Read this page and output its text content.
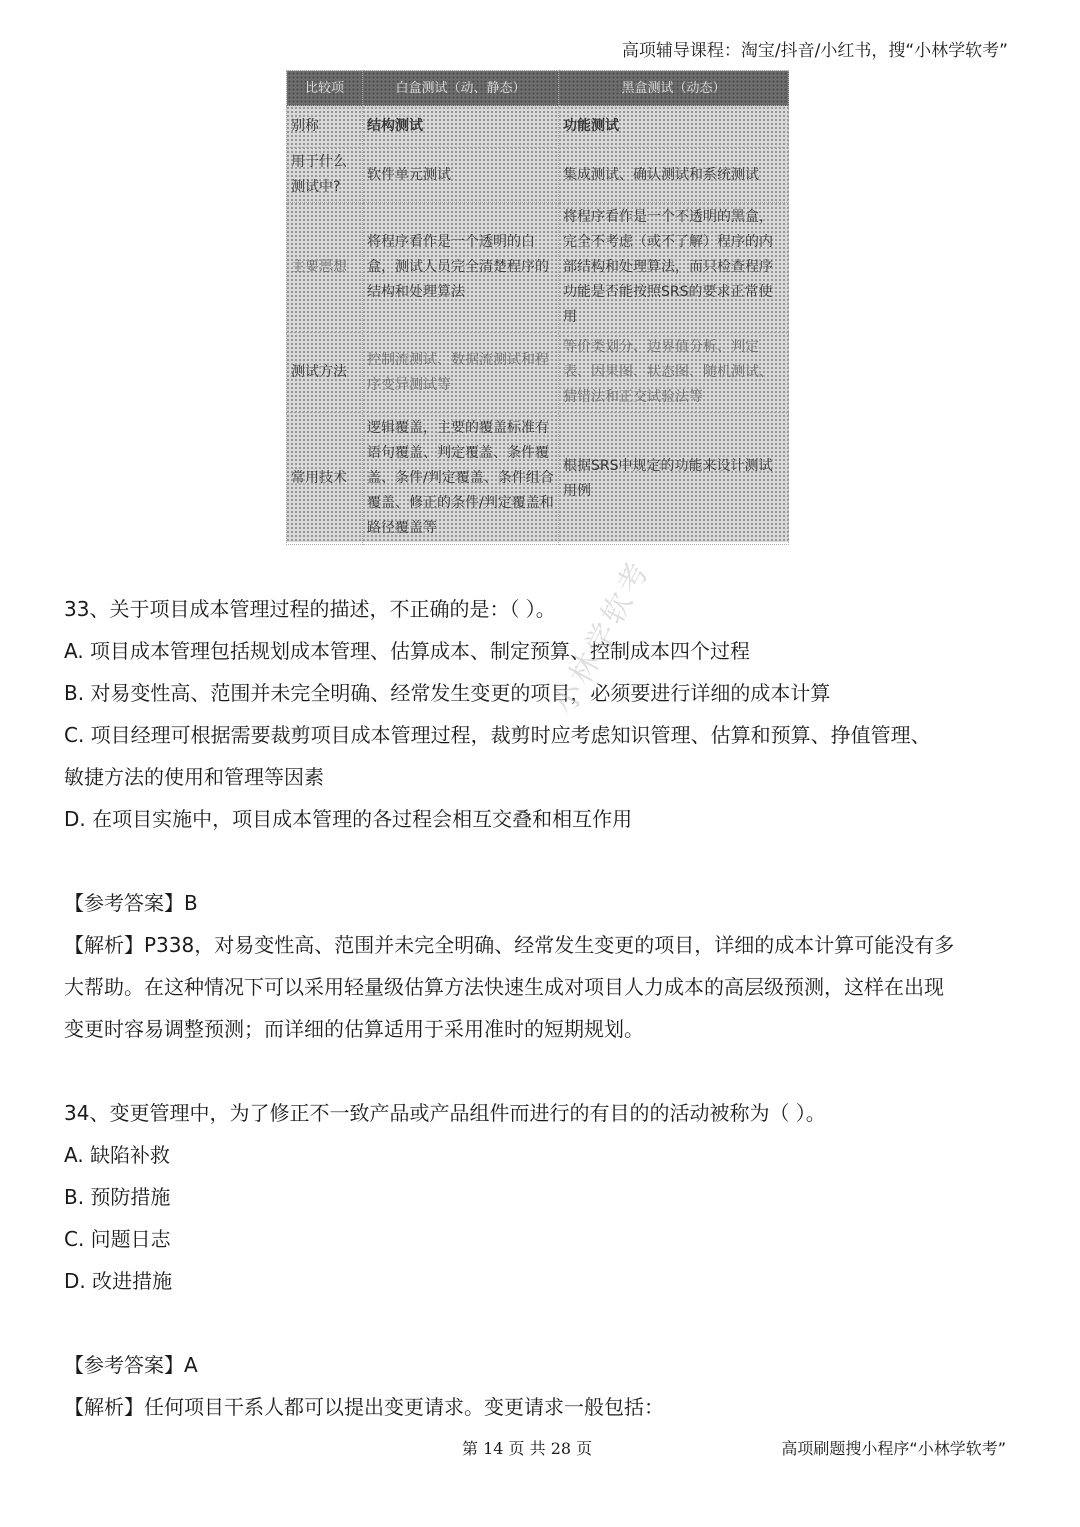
高项辅导课程：淘宝/抖音/小红书，搜“小林学软考”
比较项	白盒测试（动、静态）	黑盒测试（动态）
别称	结构测试	功能测试
用于什么测试中?	软件单元测试	集成测试、确认测试和系统测试
主要思想	将程序看作是一个透明的白盒，测试人员完全清楚程序的结构和处理算法	将程序看作是一个不透明的黑盒，完全不考虑（或不了解）程序的内部结构和处理算法，而只检查程序功能是否能按照SRS的要求正常使用
测试方法	控制流测试、数据流测试和程序变异测试等	等价类划分、边界值分析、判定表、因果图、状态图、随机测试、猜错法和正交试验法等
常用技术	逻辑覆盖，主要的覆盖标准有语句覆盖、判定覆盖、条件覆盖、条件/判定覆盖、条件组合覆盖、修正的条件/判定覆盖和路径覆盖等	根据SRS中规定的功能来设计测试用例

33、关于项目成本管理过程的描述，不正确的是：（ ）。

A. 项目成本管理包括规划成本管理、估算成本、制定预算、控制成本四个过程

B. 对易变性高、范围并未完全明确、经常发生变更的项目，必须要进行详细的成本计算

C. 项目经理可根据需要裁剪项目成本管理过程，裁剪时应考虑知识管理、估算和预算、挣值管理、

敏捷方法的使用和管理等因素

D. 在项目实施中，项目成本管理的各过程会相互交叠和相互作用

【参考答案】B

【解析】P338，对易变性高、范围并未完全明确、经常发生变更的项目，详细的成本计算可能没有多

大帮助。在这种情况下可以采用轻量级估算方法快速生成对项目人力成本的高层级预测，这样在出现

变更时容易调整预测；而详细的估算适用于采用准时的短期规划。

34、变更管理中，为了修正不一致产品或产品组件而进行的有目的的活动被称为（ ）。

A. 缺陷补救

B. 预防措施

C. 问题日志

D. 改进措施

【参考答案】A

【解析】任何项目干系人都可以提出变更请求。变更请求一般包括：

小林学软考
第 14 页 共 28 页	高项刷题搜小程序“小林学软考”
